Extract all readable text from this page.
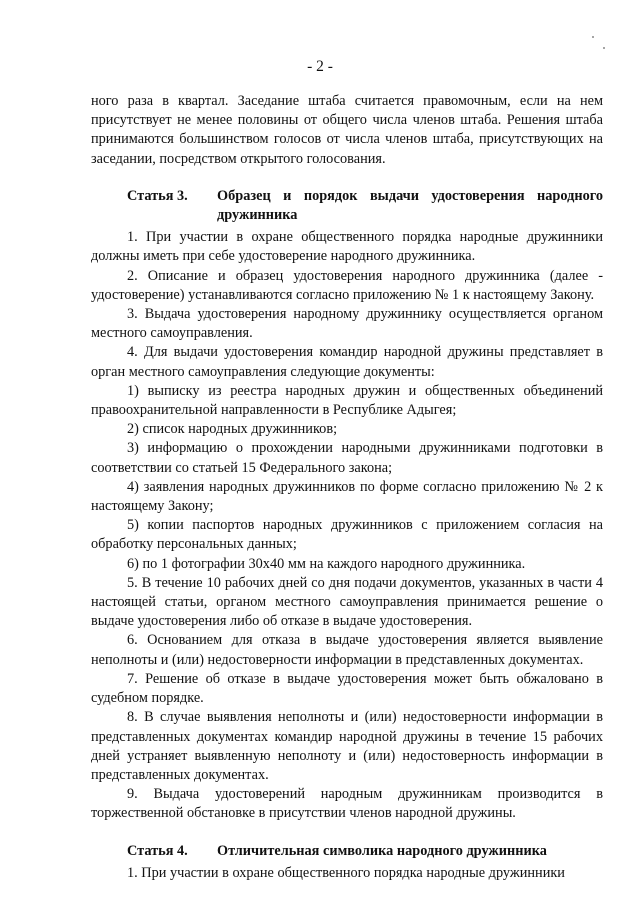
- 2 -

ного раза в квартал. Заседание штаба считается правомочным, если на нем присутствует не менее половины от общего числа членов штаба. Решения штаба принимаются большинством голосов от числа членов штаба, присутствующих на заседании, посредством открытого голосования.

Статья 3.	Образец и порядок выдачи удостоверения народного дружинника

1. При участии в охране общественного порядка народные дружинники должны иметь при себе удостоверение народного дружинника.

2. Описание и образец удостоверения народного дружинника (далее - удостоверение) устанавливаются согласно приложению № 1 к настоящему Закону.

3. Выдача удостоверения народному дружиннику осуществляется органом местного самоуправления.

4. Для выдачи удостоверения командир народной дружины представляет в орган местного самоуправления следующие документы:

1) выписку из реестра народных дружин и общественных объединений правоохранительной направленности в Республике Адыгея;

2) список народных дружинников;

3) информацию о прохождении народными дружинниками подготовки в соответствии со статьей 15 Федерального закона;

4) заявления народных дружинников по форме согласно приложению № 2 к настоящему Закону;

5) копии паспортов народных дружинников с приложением согласия на обработку персональных данных;

6) по 1 фотографии 30х40 мм на каждого народного дружинника.

5. В течение 10 рабочих дней со дня подачи документов, указанных в части 4 настоящей статьи, органом местного самоуправления принимается решение о выдаче удостоверения либо об отказе в выдаче удостоверения.

6. Основанием для отказа в выдаче удостоверения является выявление неполноты и (или) недостоверности информации в представленных документах.

7. Решение об отказе в выдаче удостоверения может быть обжаловано в судебном порядке.

8. В случае выявления неполноты и (или) недостоверности информации в представленных документах командир народной дружины в течение 15 рабочих дней устраняет выявленную неполноту и (или) недостоверность информации в представленных документах.

9. Выдача удостоверений народным дружинникам производится в торжественной обстановке в присутствии членов народной дружины.

Статья 4.	Отличительная символика народного дружинника

1. При участии в охране общественного порядка народные дружинники
